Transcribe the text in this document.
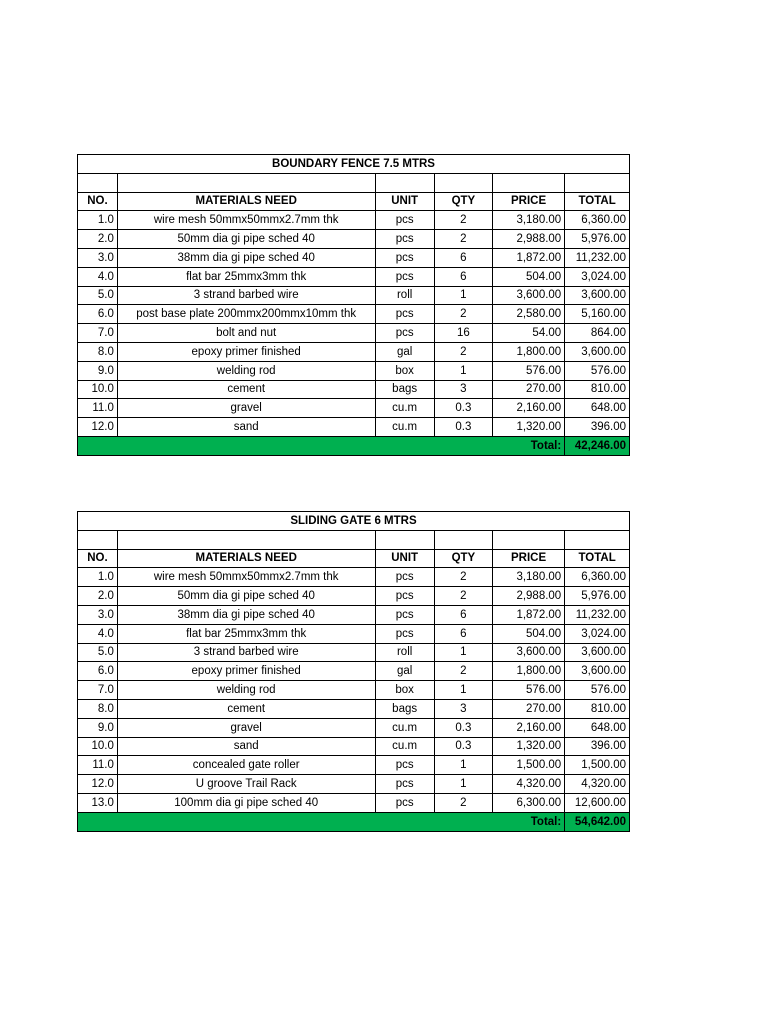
BOUNDARY FENCE 7.5 MTRS					

NO.	MATERIALS NEED	UNIT	QTY	PRICE	TOTAL
1.0	wire mesh 50mmx50mmx2.7mm thk	pcs	2	3,180.00	6,360.00
2.0	50mm dia gi pipe sched 40	pcs	2	2,988.00	5,976.00
3.0	38mm dia gi pipe sched 40	pcs	6	1,872.00	11,232.00
4.0	flat bar 25mmx3mm thk	pcs	6	504.00	3,024.00
5.0	3 strand barbed wire	roll	1	3,600.00	3,600.00
6.0	post base plate 200mmx200mmx10mm thk	pcs	2	2,580.00	5,160.00
7.0	bolt and nut	pcs	16	54.00	864.00
8.0	epoxy primer finished	gal	2	1,800.00	3,600.00
9.0	welding rod	box	1	576.00	576.00
10.0	cement	bags	3	270.00	810.00
11.0	gravel	cu.m	0.3	2,160.00	648.00
12.0	sand	cu.m	0.3	1,320.00	396.00
				Total:	42,246.00
SLIDING GATE 6 MTRS					

NO.	MATERIALS NEED	UNIT	QTY	PRICE	TOTAL
1.0	wire mesh 50mmx50mmx2.7mm thk	pcs	2	3,180.00	6,360.00
2.0	50mm dia gi pipe sched 40	pcs	2	2,988.00	5,976.00
3.0	38mm dia gi pipe sched 40	pcs	6	1,872.00	11,232.00
4.0	flat bar 25mmx3mm thk	pcs	6	504.00	3,024.00
5.0	3 strand barbed wire	roll	1	3,600.00	3,600.00
6.0	epoxy primer finished	gal	2	1,800.00	3,600.00
7.0	welding rod	box	1	576.00	576.00
8.0	cement	bags	3	270.00	810.00
9.0	gravel	cu.m	0.3	2,160.00	648.00
10.0	sand	cu.m	0.3	1,320.00	396.00
11.0	concealed gate roller	pcs	1	1,500.00	1,500.00
12.0	U groove Trail Rack	pcs	1	4,320.00	4,320.00
13.0	100mm dia gi pipe sched 40	pcs	2	6,300.00	12,600.00
				Total:	54,642.00
